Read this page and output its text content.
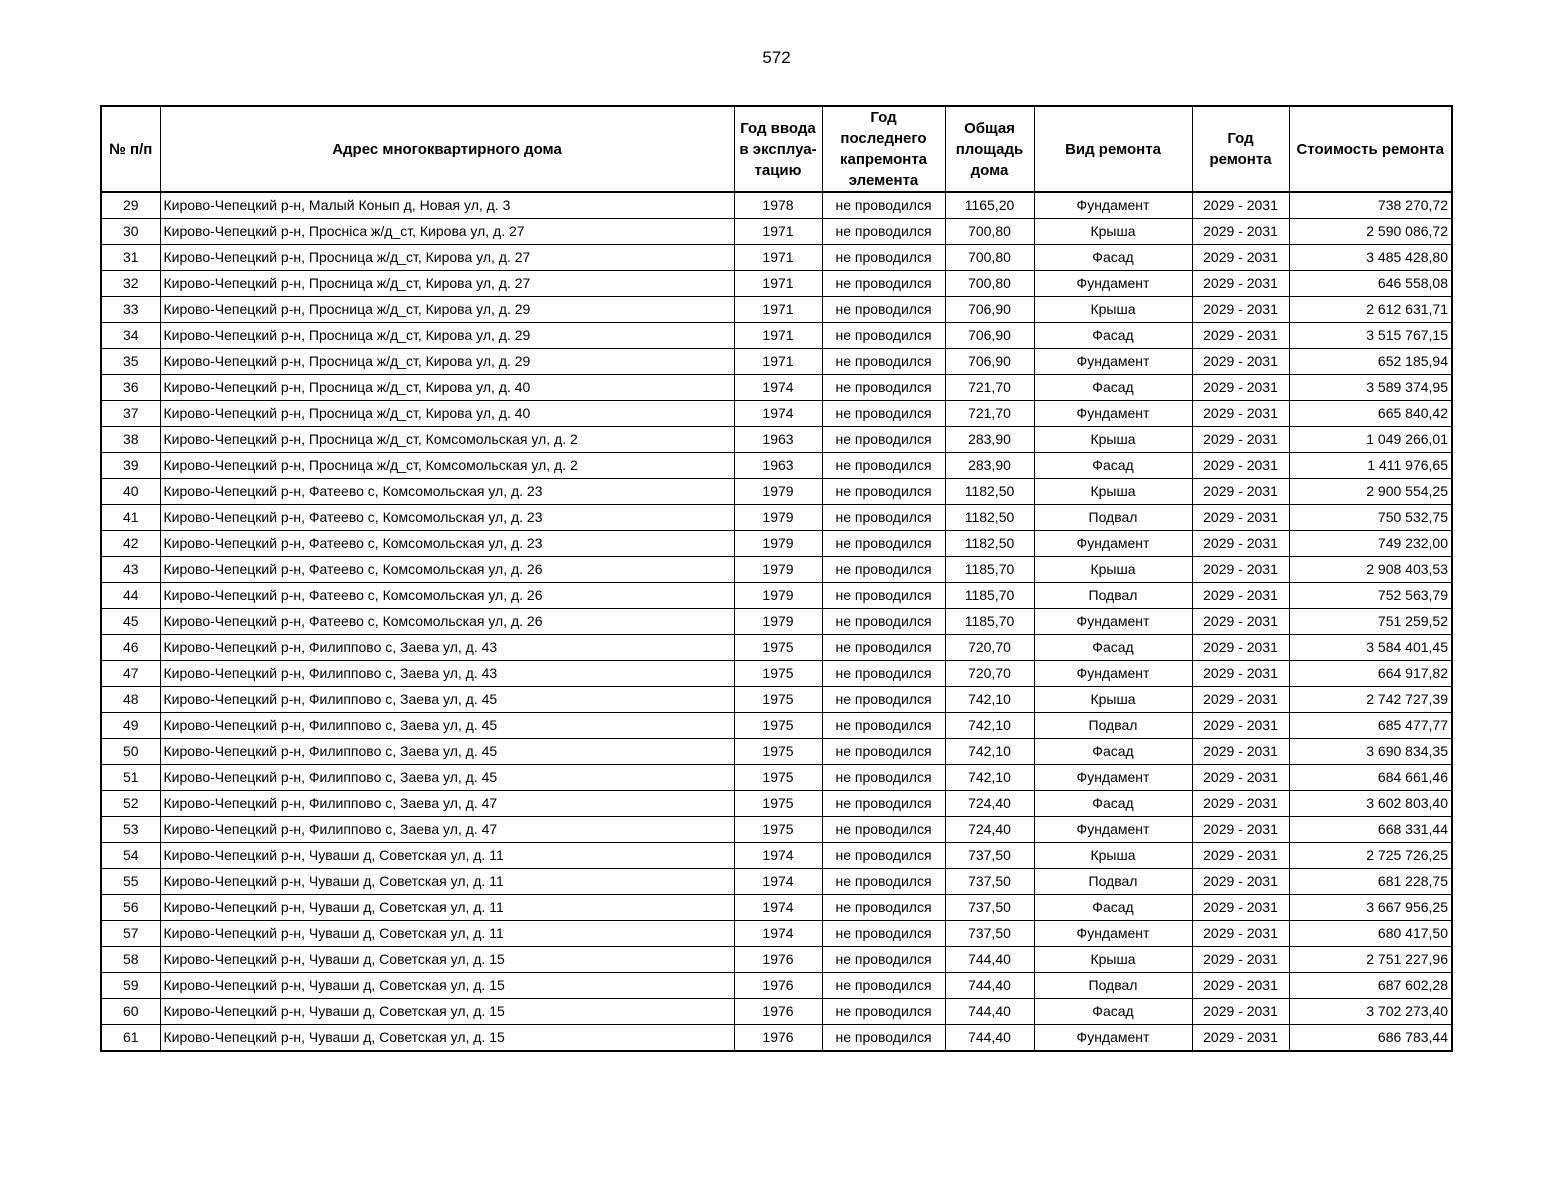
572
№ п/п	Адрес многоквартирного дома	Год ввода в эксплуа-тацию	Год последнего капремонта элемента	Общая площадь дома	Вид ремонта	Год ремонта	Стоимость ремонта
29	Кирово-Чепецкий р-н, Малый Конып д, Новая ул, д. 3	1978	не проводился	1165,20	Фундамент	2029 - 2031	738 270,72
30	Кирово-Чепецкий р-н, Проснica ж/д_ст, Кирова ул, д. 27	1971	не проводился	700,80	Крыша	2029 - 2031	2 590 086,72
31	Кирово-Чепецкий р-н, Просница ж/д_ст, Кирова ул, д. 27	1971	не проводился	700,80	Фасад	2029 - 2031	3 485 428,80
32	Кирово-Чепецкий р-н, Просница ж/д_ст, Кирова ул, д. 27	1971	не проводился	700,80	Фундамент	2029 - 2031	646 558,08
33	Кирово-Чепецкий р-н, Просница ж/д_ст, Кирова ул, д. 29	1971	не проводился	706,90	Крыша	2029 - 2031	2 612 631,71
34	Кирово-Чепецкий р-н, Просница ж/д_ст, Кирова ул, д. 29	1971	не проводился	706,90	Фасад	2029 - 2031	3 515 767,15
35	Кирово-Чепецкий р-н, Просница ж/д_ст, Кирова ул, д. 29	1971	не проводился	706,90	Фундамент	2029 - 2031	652 185,94
36	Кирово-Чепецкий р-н, Просница ж/д_ст, Кирова ул, д. 40	1974	не проводился	721,70	Фасад	2029 - 2031	3 589 374,95
37	Кирово-Чепецкий р-н, Просница ж/д_ст, Кирова ул, д. 40	1974	не проводился	721,70	Фундамент	2029 - 2031	665 840,42
38	Кирово-Чепецкий р-н, Просница ж/д_ст, Комсомольская ул, д. 2	1963	не проводился	283,90	Крыша	2029 - 2031	1 049 266,01
39	Кирово-Чепецкий р-н, Просница ж/д_ст, Комсомольская ул, д. 2	1963	не проводился	283,90	Фасад	2029 - 2031	1 411 976,65
40	Кирово-Чепецкий р-н, Фатеево с, Комсомольская ул, д. 23	1979	не проводился	1182,50	Крыша	2029 - 2031	2 900 554,25
41	Кирово-Чепецкий р-н, Фатеево с, Комсомольская ул, д. 23	1979	не проводился	1182,50	Подвал	2029 - 2031	750 532,75
42	Кирово-Чепецкий р-н, Фатеево с, Комсомольская ул, д. 23	1979	не проводился	1182,50	Фундамент	2029 - 2031	749 232,00
43	Кирово-Чепецкий р-н, Фатеево с, Комсомольская ул, д. 26	1979	не проводился	1185,70	Крыша	2029 - 2031	2 908 403,53
44	Кирово-Чепецкий р-н, Фатеево с, Комсомольская ул, д. 26	1979	не проводился	1185,70	Подвал	2029 - 2031	752 563,79
45	Кирово-Чепецкий р-н, Фатеево с, Комсомольская ул, д. 26	1979	не проводился	1185,70	Фундамент	2029 - 2031	751 259,52
46	Кирово-Чепецкий р-н, Филиппово с, Заева ул, д. 43	1975	не проводился	720,70	Фасад	2029 - 2031	3 584 401,45
47	Кирово-Чепецкий р-н, Филиппово с, Заева ул, д. 43	1975	не проводился	720,70	Фундамент	2029 - 2031	664 917,82
48	Кирово-Чепецкий р-н, Филиппово с, Заева ул, д. 45	1975	не проводился	742,10	Крыша	2029 - 2031	2 742 727,39
49	Кирово-Чепецкий р-н, Филиппово с, Заева ул, д. 45	1975	не проводился	742,10	Подвал	2029 - 2031	685 477,77
50	Кирово-Чепецкий р-н, Филиппово с, Заева ул, д. 45	1975	не проводился	742,10	Фасад	2029 - 2031	3 690 834,35
51	Кирово-Чепецкий р-н, Филиппово с, Заева ул, д. 45	1975	не проводился	742,10	Фундамент	2029 - 2031	684 661,46
52	Кирово-Чепецкий р-н, Филиппово с, Заева ул, д. 47	1975	не проводился	724,40	Фасад	2029 - 2031	3 602 803,40
53	Кирово-Чепецкий р-н, Филиппово с, Заева ул, д. 47	1975	не проводился	724,40	Фундамент	2029 - 2031	668 331,44
54	Кирово-Чепецкий р-н, Чуваши д, Советская ул, д. 11	1974	не проводился	737,50	Крыша	2029 - 2031	2 725 726,25
55	Кирово-Чепецкий р-н, Чуваши д, Советская ул, д. 11	1974	не проводился	737,50	Подвал	2029 - 2031	681 228,75
56	Кирово-Чепецкий р-н, Чуваши д, Советская ул, д. 11	1974	не проводился	737,50	Фасад	2029 - 2031	3 667 956,25
57	Кирово-Чепецкий р-н, Чуваши д, Советская ул, д. 11	1974	не проводился	737,50	Фундамент	2029 - 2031	680 417,50
58	Кирово-Чепецкий р-н, Чуваши д, Советская ул, д. 15	1976	не проводился	744,40	Крыша	2029 - 2031	2 751 227,96
59	Кирово-Чепецкий р-н, Чуваши д, Советская ул, д. 15	1976	не проводился	744,40	Подвал	2029 - 2031	687 602,28
60	Кирово-Чепецкий р-н, Чуваши д, Советская ул, д. 15	1976	не проводился	744,40	Фасад	2029 - 2031	3 702 273,40
61	Кирово-Чепецкий р-н, Чуваши д, Советская ул, д. 15	1976	не проводился	744,40	Фундамент	2029 - 2031	686 783,44
